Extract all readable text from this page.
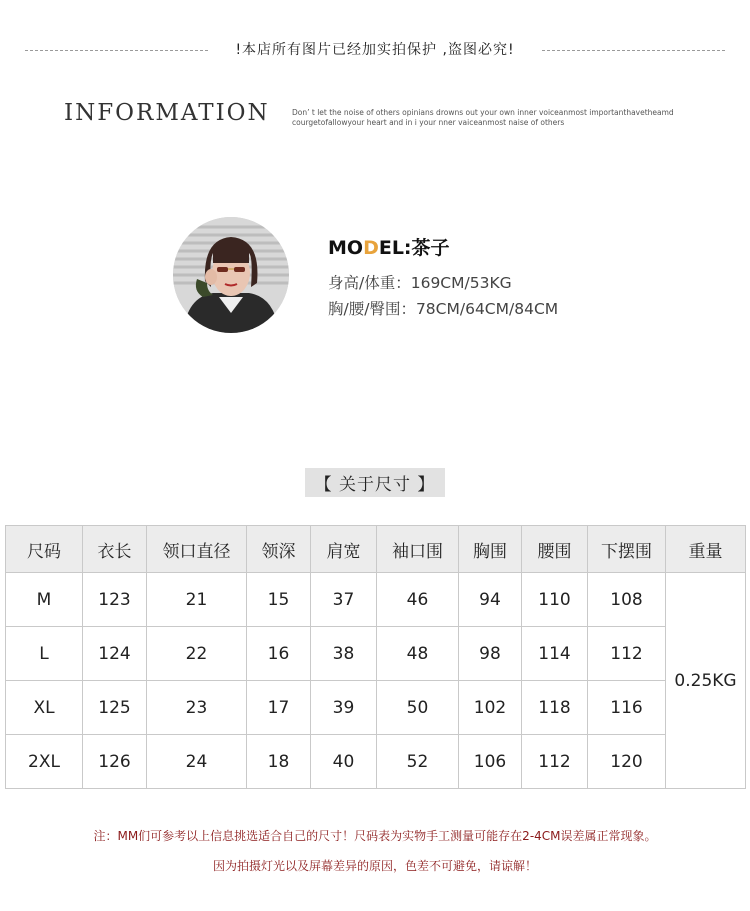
!本店所有图片已经加实拍保护 ,盗图必究!
INFORMATION	Don’ t let the noise of others opinians drowns out your own inner voiceanmost importanthavetheamd
courgetofallowyour heart and in i your nner vaiceanmost naise of others
MODEL:茶子
身高/体重：169CM/53KG
胸/腰/臀围：78CM/64CM/84CM
【 关于尺寸 】
尺码	衣长	领口直径	领深	肩宽	袖口围	胸围	腰围	下摆围	重量
M	123	21	15	37	46	94	110	108	0.25KG
L	124	22	16	38	48	98	114	112	
XL	125	23	17	39	50	102	118	116	
2XL	126	24	18	40	52	106	112	120	
注：MM们可参考以上信息挑选适合自己的尺寸！尺码表为实物手工测量可能存在2-4CM误差属正常现象。
因为拍摄灯光以及屏幕差异的原因，色差不可避免，请谅解！
